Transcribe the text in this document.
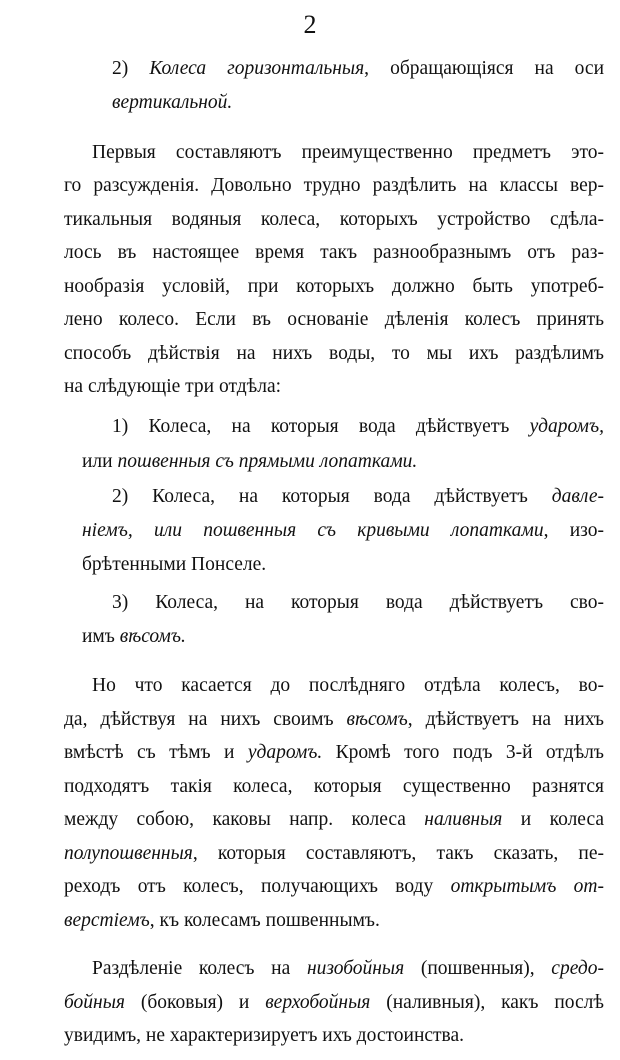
2
2) Колеса горизонтальныя, обращающіяся на оси
вертикальной.
Первыя составляютъ преимущественно предметъ это-
го разсужденія. Довольно трудно раздѣлить на классы вер-
тикальныя водяныя колеса, которыхъ устройство сдѣла-
лось въ настоящее время такъ разнообразнымъ отъ раз-
нообразія условій, при которыхъ должно быть употреб-
лено колесо. Если въ основаніе дѣленія колесъ принять
способъ дѣйствія на нихъ воды, то мы ихъ раздѣлимъ
на слѣдующіе три отдѣла:
1) Колеса, на которыя вода дѣйствуетъ ударомъ,
или пошвенныя съ прямыми лопатками.
2) Колеса, на которыя вода дѣйствуетъ давле-
ніемъ, или пошвенныя съ кривыми лопатками, изо-
брѣтенными Понселе.
3) Колеса, на которыя вода дѣйствуетъ сво-
имъ вѣсомъ.
Но что касается до послѣдняго отдѣла колесъ, во-
да, дѣйствуя на нихъ своимъ вѣсомъ, дѣйствуетъ на нихъ
вмѣстѣ съ тѣмъ и ударомъ. Кромѣ того подъ 3-й отдѣлъ
подходятъ такія колеса, которыя существенно разнятся
между собою, каковы напр. колеса наливныя и колеса
полупошвенныя, которыя составляютъ, такъ сказать, пе-
реходъ отъ колесъ, получающихъ воду открытымъ от-
верстіемъ, къ колесамъ пошвеннымъ.
Раздѣленіе колесъ на низобойныя (пошвенныя), средо-
бойныя (боковыя) и верхобойныя (наливныя), какъ послѣ
увидимъ, не характеризируетъ ихъ достоинства.
